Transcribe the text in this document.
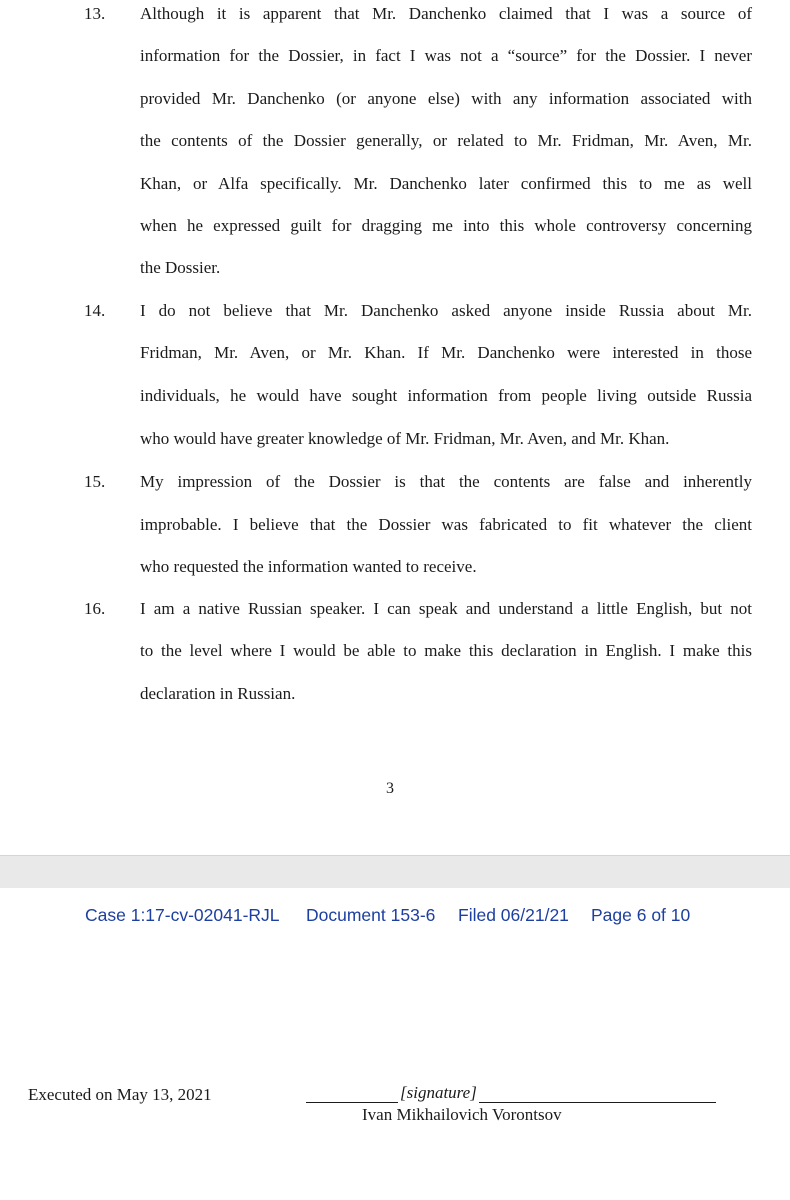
13. Although it is apparent that Mr. Danchenko claimed that I was a source of
information for the Dossier, in fact I was not a “source” for the Dossier. I never
provided Mr. Danchenko (or anyone else) with any information associated with
the contents of the Dossier generally, or related to Mr. Fridman, Mr. Aven, Mr.
Khan, or Alfa specifically. Mr. Danchenko later confirmed this to me as well
when he expressed guilt for dragging me into this whole controversy concerning
the Dossier.
14. I do not believe that Mr. Danchenko asked anyone inside Russia about Mr.
Fridman, Mr. Aven, or Mr. Khan. If Mr. Danchenko were interested in those
individuals, he would have sought information from people living outside Russia
who would have greater knowledge of Mr. Fridman, Mr. Aven, and Mr. Khan.
15. My impression of the Dossier is that the contents are false and inherently
improbable. I believe that the Dossier was fabricated to fit whatever the client
who requested the information wanted to receive.
16. I am a native Russian speaker. I can speak and understand a little English, but not
to the level where I would be able to make this declaration in English. I make this
declaration in Russian.
3
Case 1:17-cv-02041-RJL Document 153-6 Filed 06/21/21 Page 6 of 10
Executed on May 13, 2021	[signature]
Ivan Mikhailovich Vorontsov
